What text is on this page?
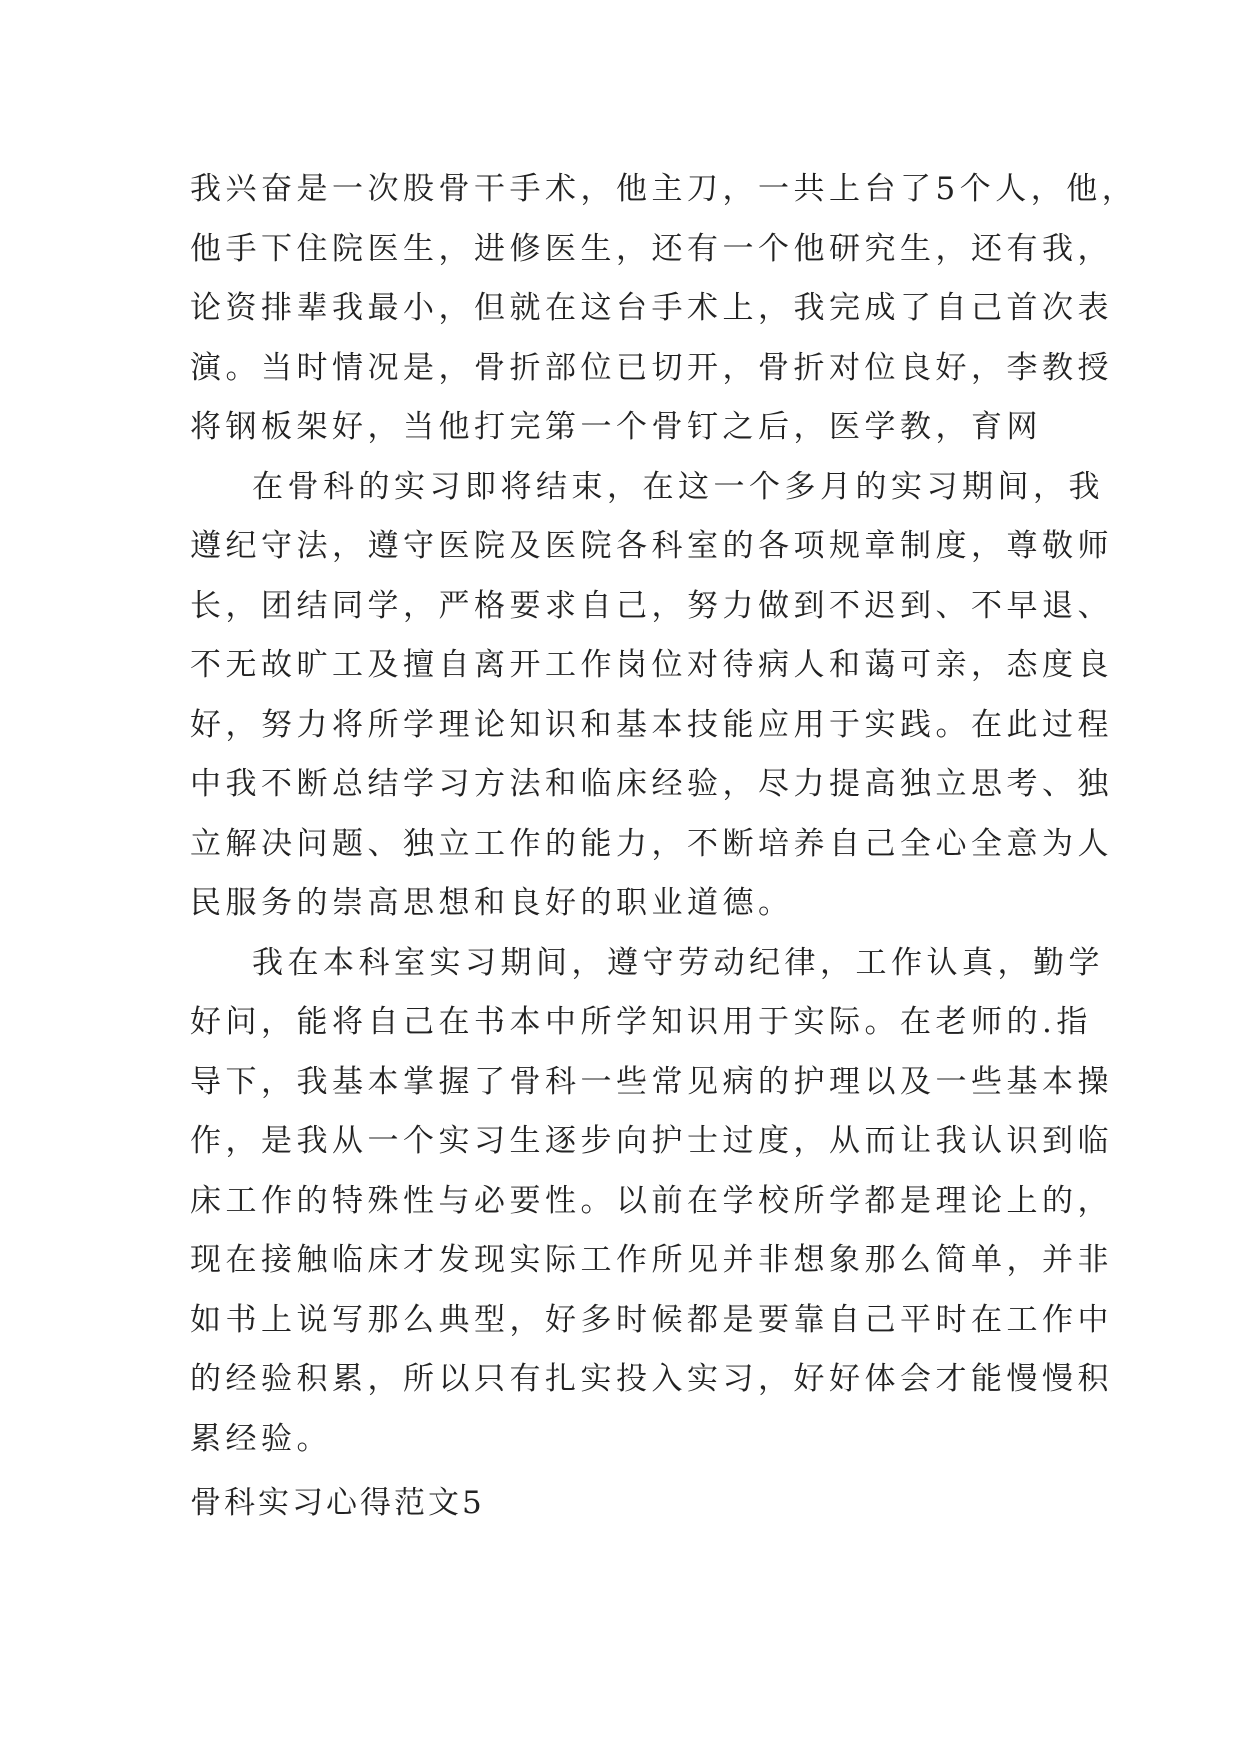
我兴奋是一次股骨干手术，他主刀，一共上台了5个人，他，
他手下住院医生，进修医生，还有一个他研究生，还有我，
论资排辈我最小，但就在这台手术上，我完成了自己首次表
演。当时情况是，骨折部位已切开，骨折对位良好，李教授
将钢板架好，当他打完第一个骨钉之后，医学教，育网
在骨科的实习即将结束，在这一个多月的实习期间，我
遵纪守法，遵守医院及医院各科室的各项规章制度，尊敬师
长，团结同学，严格要求自己，努力做到不迟到、不早退、
不无故旷工及擅自离开工作岗位对待病人和蔼可亲，态度良
好，努力将所学理论知识和基本技能应用于实践。在此过程
中我不断总结学习方法和临床经验，尽力提高独立思考、独
立解决问题、独立工作的能力，不断培养自己全心全意为人
民服务的崇高思想和良好的职业道德。
我在本科室实习期间，遵守劳动纪律，工作认真，勤学
好问，能将自己在书本中所学知识用于实际。在老师的.指
导下，我基本掌握了骨科一些常见病的护理以及一些基本操
作，是我从一个实习生逐步向护士过度，从而让我认识到临
床工作的特殊性与必要性。以前在学校所学都是理论上的，
现在接触临床才发现实际工作所见并非想象那么简单，并非
如书上说写那么典型，好多时候都是要靠自己平时在工作中
的经验积累，所以只有扎实投入实习，好好体会才能慢慢积
累经验。
骨科实习心得范文5
